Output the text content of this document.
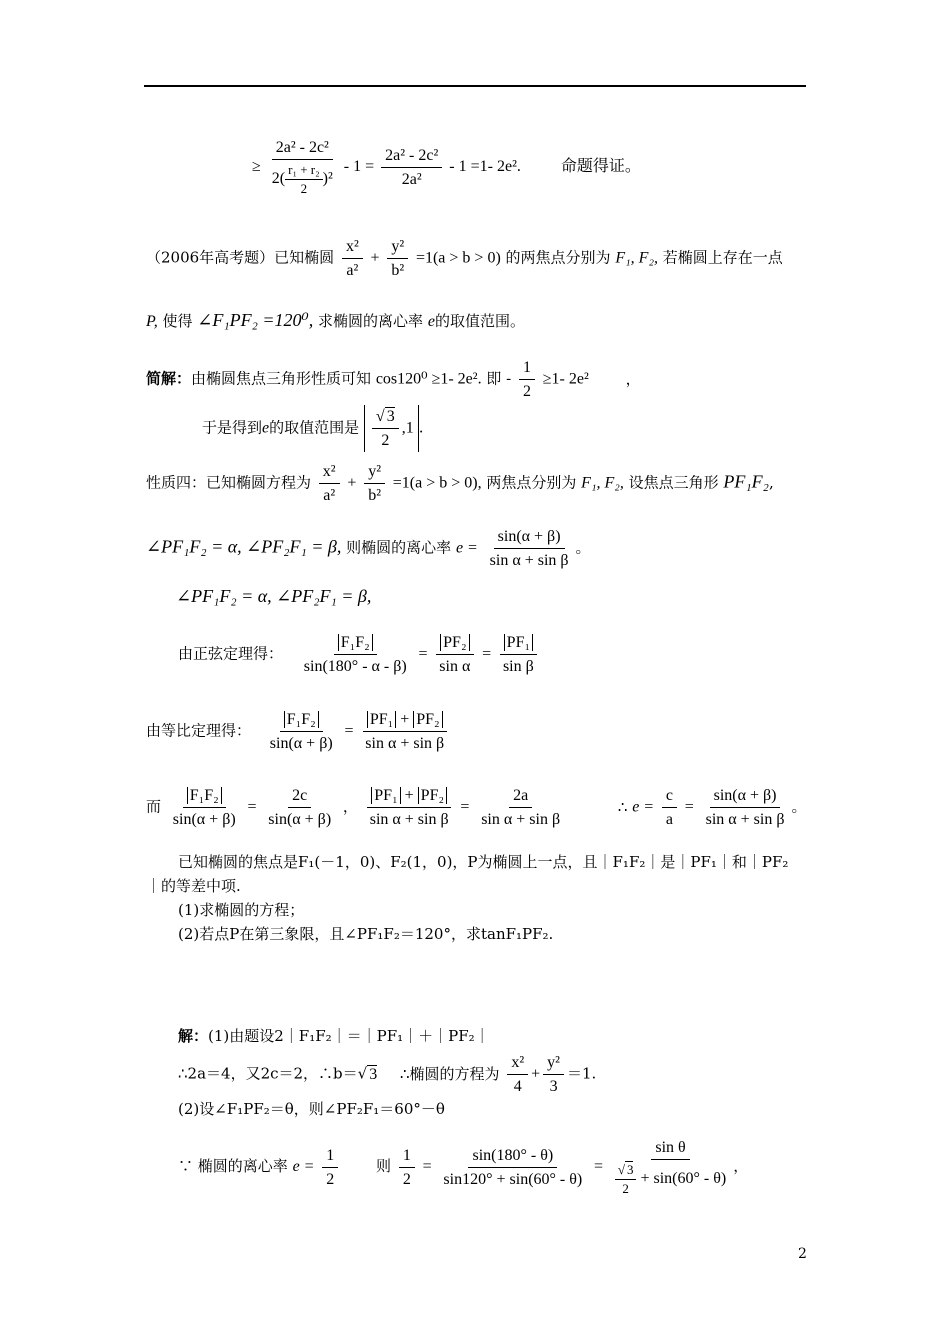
≥ $\frac{\text{2a² - 2c²}}{2( \frac{\text{r₁ + r₂}}{2} )^2} - 1 = \frac{\text{2a² - 2c²}}{\text{2a²}} - 1 =1-$ 2e².	命题得证。
（2006年高考题）已知椭圆 $\frac{\text{x²}}{\text{a²}} + \frac{\text{y²}}{\text{b²}} =1(a > b > 0)$ 的两焦点分别为 F₁, F₂, 若椭圆上存在一点
P, 使得 ∠F₁PF₂ =120⁰, 求椭圆的离心率 e的取值范围。
简解：由椭圆焦点三角形性质可知 cos120⁰ ≥1- 2e². 即 - $\frac{1}{2} \ge 1-$ 2e² ，
于是得到e的取值范围是 $\frac{√ 3}{2} ,1$ .
性质四：已知椭圆方程为 $\frac{\text{x²}}{\text{a²}} + \frac{\text{y²}}{\text{b²}} =1(a > b > 0)$, 两焦点分别为 F₁, F₂, 设焦点三角形 PF₁F₂,
∠PF₁F₂ = α, ∠PF₂F₁ = β, 则椭圆的离心率 $e = \frac{\sin(\alpha + \beta)}{\text{sin α + sin β}}$ 。
∠PF₁F₂ = α, ∠PF₂F₁ = β,
由正弦定理得： $\frac{\text{F₁F₂}}{\sin(180^\circ - \alpha - \beta)} = \frac{\text{PF₂}}{\text{sin α}} = \frac{\text{PF₁}}{\text{sin β}}$
由等比定理得： $\frac{\text{F₁F₂}}{\sin(\alpha + \beta)} = \frac{\text{PF₁ + PF₂}}{\text{sin α + sin β}}$
而 $\frac{\text{F₁F₂}}{\sin(\alpha + \beta)} = \frac{2c}{\sin(\alpha + \beta)}$ ， $\frac{\text{PF₁ + PF₂}}{\text{sin α + sin β}} = \frac{2a}{\text{sin α + sin β}}$	∴ $e = \frac{c}{a} = \frac{\sin(\alpha + \beta)}{\text{sin α + sin β}}$ 。
已知椭圆的焦点是F₁(－1，0)、F₂(1，0)，P为椭圆上一点，且｜F₁F₂｜是｜PF₁｜和｜PF₂
｜的等差中项.
(1)求椭圆的方程；
(2)若点P在第三象限，且∠PF₁F₂＝120°，求tanF₁PF₂.
解：(1)由题设2｜F₁F₂｜＝｜PF₁｜＋｜PF₂｜
∴2a＝4，又2c＝2，∴b＝√ 3 ∴椭圆的方程为 $\frac{\text{x²}}{4} + \frac{\text{y²}}{3} =1$.
(2)设∠F₁PF₂＝θ，则∠PF₂F₁＝60°－θ
∵ 椭圆的离心率 $e = \frac{1}{2}$	则 $\frac{1}{2} = \frac{\sin(180^\circ - \theta)}{\sin 120^\circ + \sin(60^\circ - \theta)} = \frac{\text{sin θ}}{\frac{√ 3}{2} + \sin(60^\circ - \theta)}$ ，
2
